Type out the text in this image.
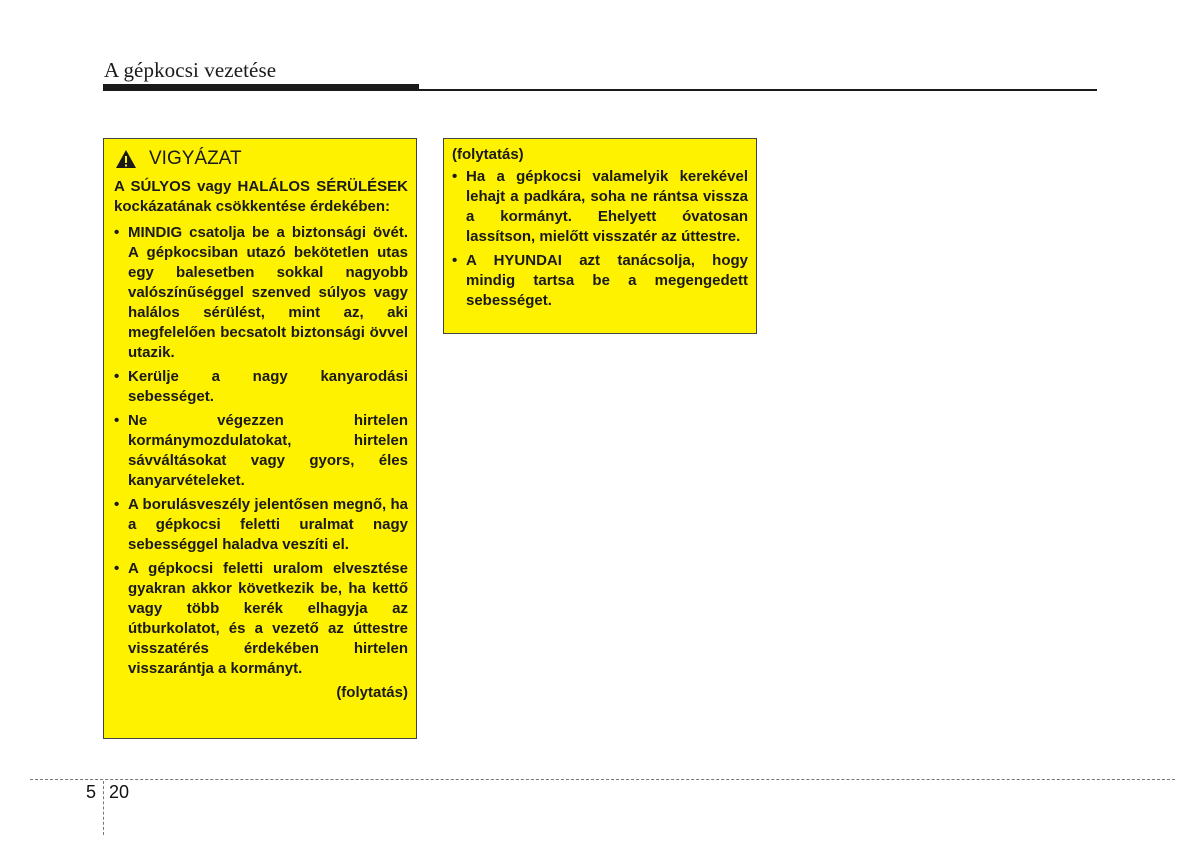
A gépkocsi vezetése
VIGYÁZAT
A SÚLYOS vagy HALÁLOS SÉRÜLÉSEK kockázatának csökkentése érdekében:
• MINDIG csatolja be a biztonsági övét. A gépkocsiban utazó bekötetlen utas egy balesetben sokkal nagyobb valószínűséggel szenved súlyos vagy halálos sérülést, mint az, aki megfelelően becsatolt biztonsági övvel utazik.
• Kerülje a nagy kanyarodási sebességet.
• Ne végezzen hirtelen kormánymozdulatokat, hirtelen sávváltásokat vagy gyors, éles kanyarvételeket.
• A borulásveszély jelentősen megnő, ha a gépkocsi feletti uralmat nagy sebességgel haladva veszíti el.
• A gépkocsi feletti uralom elvesztése gyakran akkor következik be, ha kettő vagy több kerék elhagyja az útburkolatot, és a vezető az úttestre visszatérés érdekében hirtelen visszarántja a kormányt.
(folytatás)
(folytatás)
• Ha a gépkocsi valamelyik kerekével lehajt a padkára, soha ne rántsa vissza a kormányt. Ehelyett óvatosan lassítson, mielőtt visszatér az úttestre.
• A HYUNDAI azt tanácsolja, hogy mindig tartsa be a megengedett sebességet.
5 20
